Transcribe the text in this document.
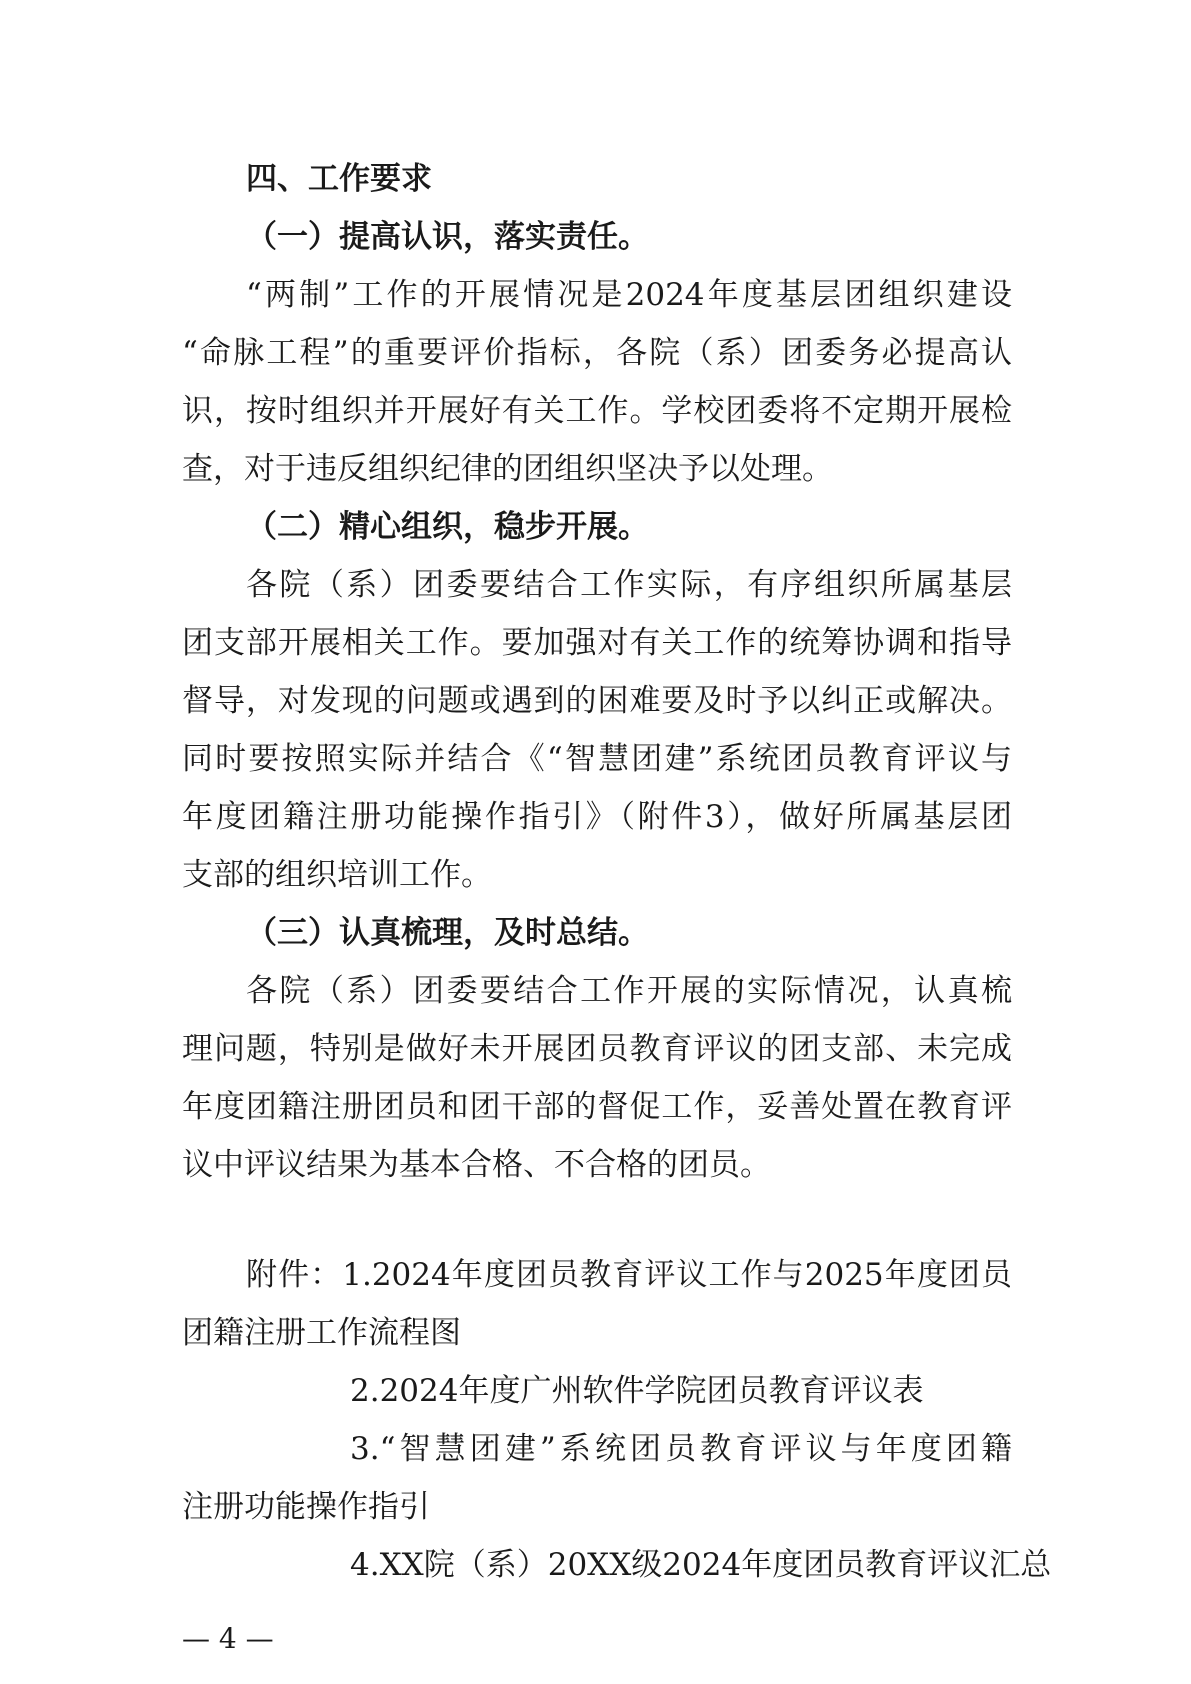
四、工作要求

（一）提高认识，落实责任。

“两制”工作的开展情况是2024年度基层团组织建设

“命脉工程”的重要评价指标，各院（系）团委务必提高认

识，按时组织并开展好有关工作。学校团委将不定期开展检

查，对于违反组织纪律的团组织坚决予以处理。

（二）精心组织，稳步开展。

各院（系）团委要结合工作实际，有序组织所属基层

团支部开展相关工作。要加强对有关工作的统筹协调和指导

督导，对发现的问题或遇到的困难要及时予以纠正或解决。

同时要按照实际并结合《“智慧团建”系统团员教育评议与

年度团籍注册功能操作指引》（附件3），做好所属基层团

支部的组织培训工作。

（三）认真梳理，及时总结。

各院（系）团委要结合工作开展的实际情况，认真梳

理问题，特别是做好未开展团员教育评议的团支部、未完成

年度团籍注册团员和团干部的督促工作，妥善处置在教育评

议中评议结果为基本合格、不合格的团员。

附件：1.2024年度团员教育评议工作与2025年度团员

团籍注册工作流程图

2.2024年度广州软件学院团员教育评议表

3.“智慧团建”系统团员教育评议与年度团籍

注册功能操作指引

4.XX院（系）20XX级2024年度团员教育评议汇总

— 4 —
